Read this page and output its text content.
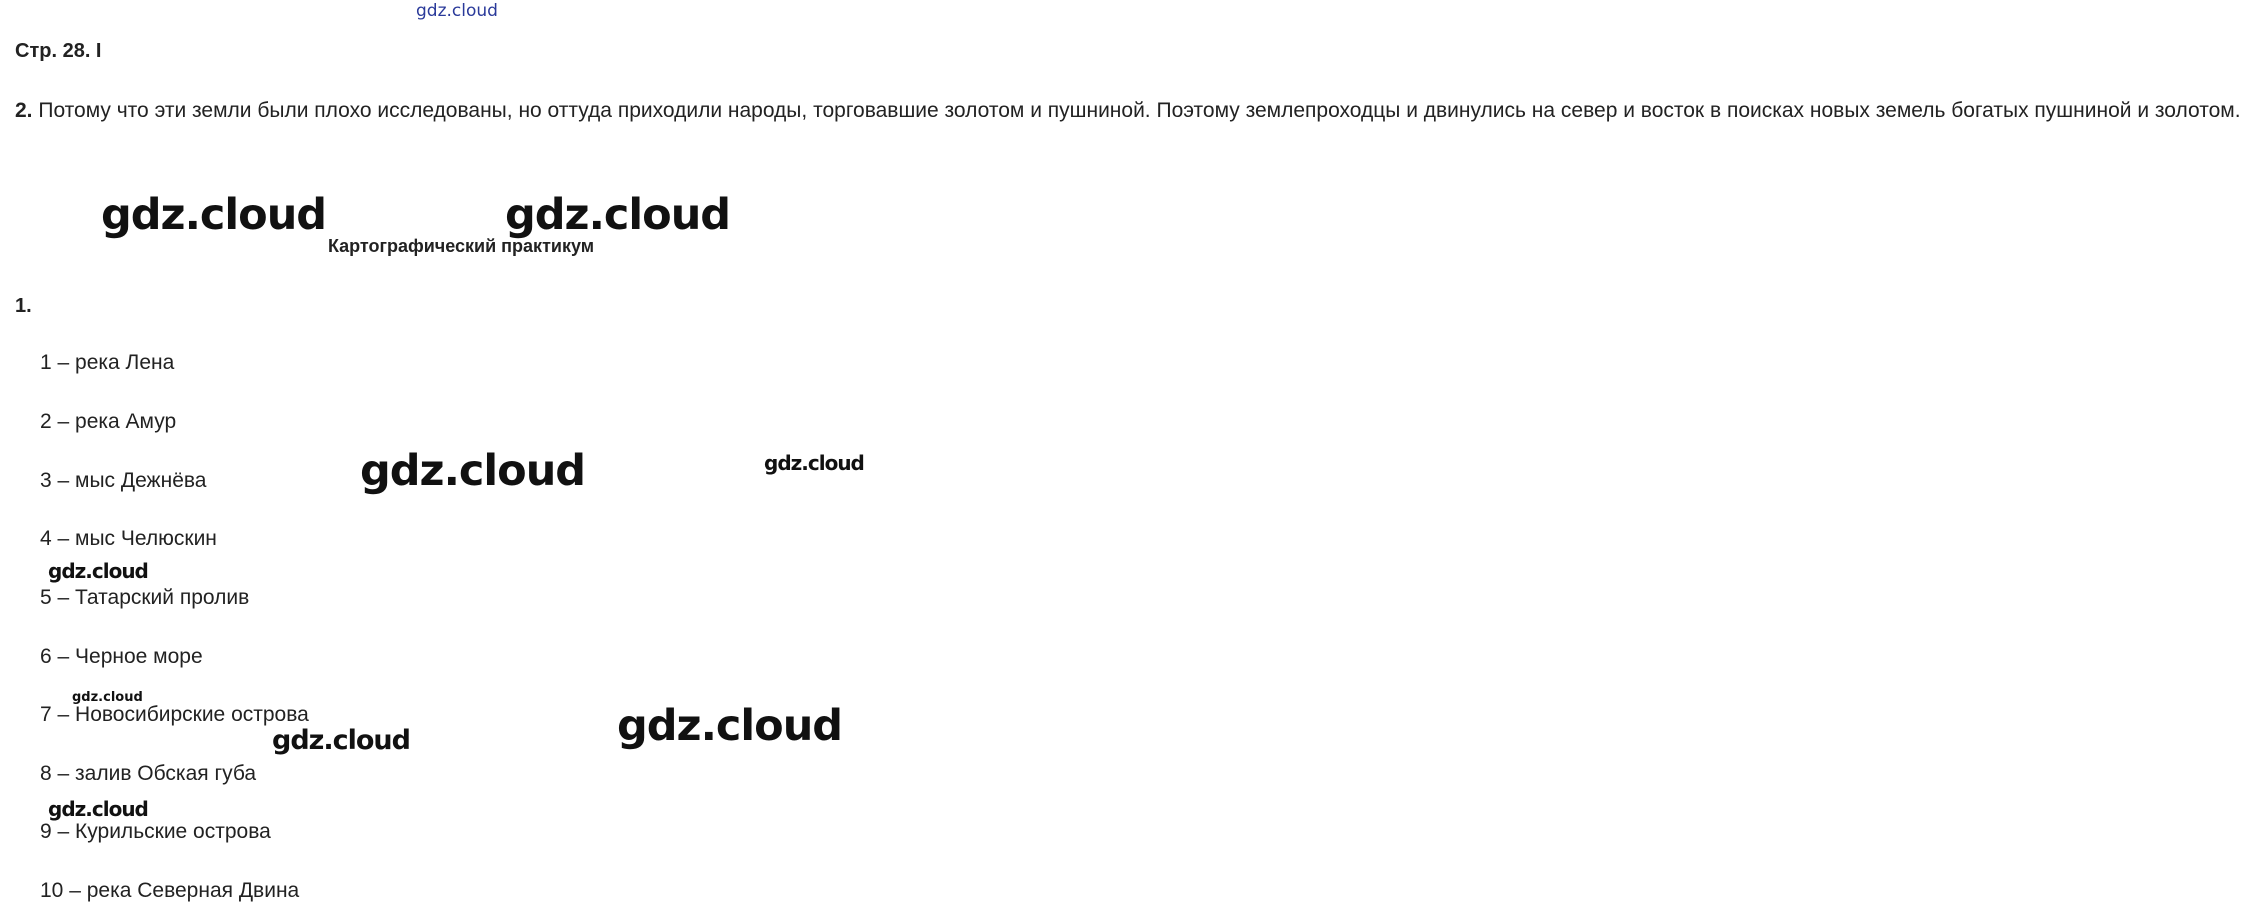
gdz.cloud
Стр. 28. І
2. Потому что эти земли были плохо исследованы, но оттуда приходили народы, торговавшие золотом и пушниной. Поэтому землепроходцы и двинулись на север и восток в поисках новых земель богатых пушниной и золотом.
Картографический практикум
1.
1 – река Лена
2 – река Амур
3 – мыс Дежнёва
4 – мыс Челюскин
5 – Татарский пролив
6 – Черное море
7 – Новосибирские острова
8 – залив Обская губа
9 – Курильские острова
10 – река Северная Двина
gdz.cloud	gdz.cloud
gdz.cloud	gdz.cloud
gdz.cloud
gdz.cloud
gdz.cloud
gdz.cloud
gdz.cloud
